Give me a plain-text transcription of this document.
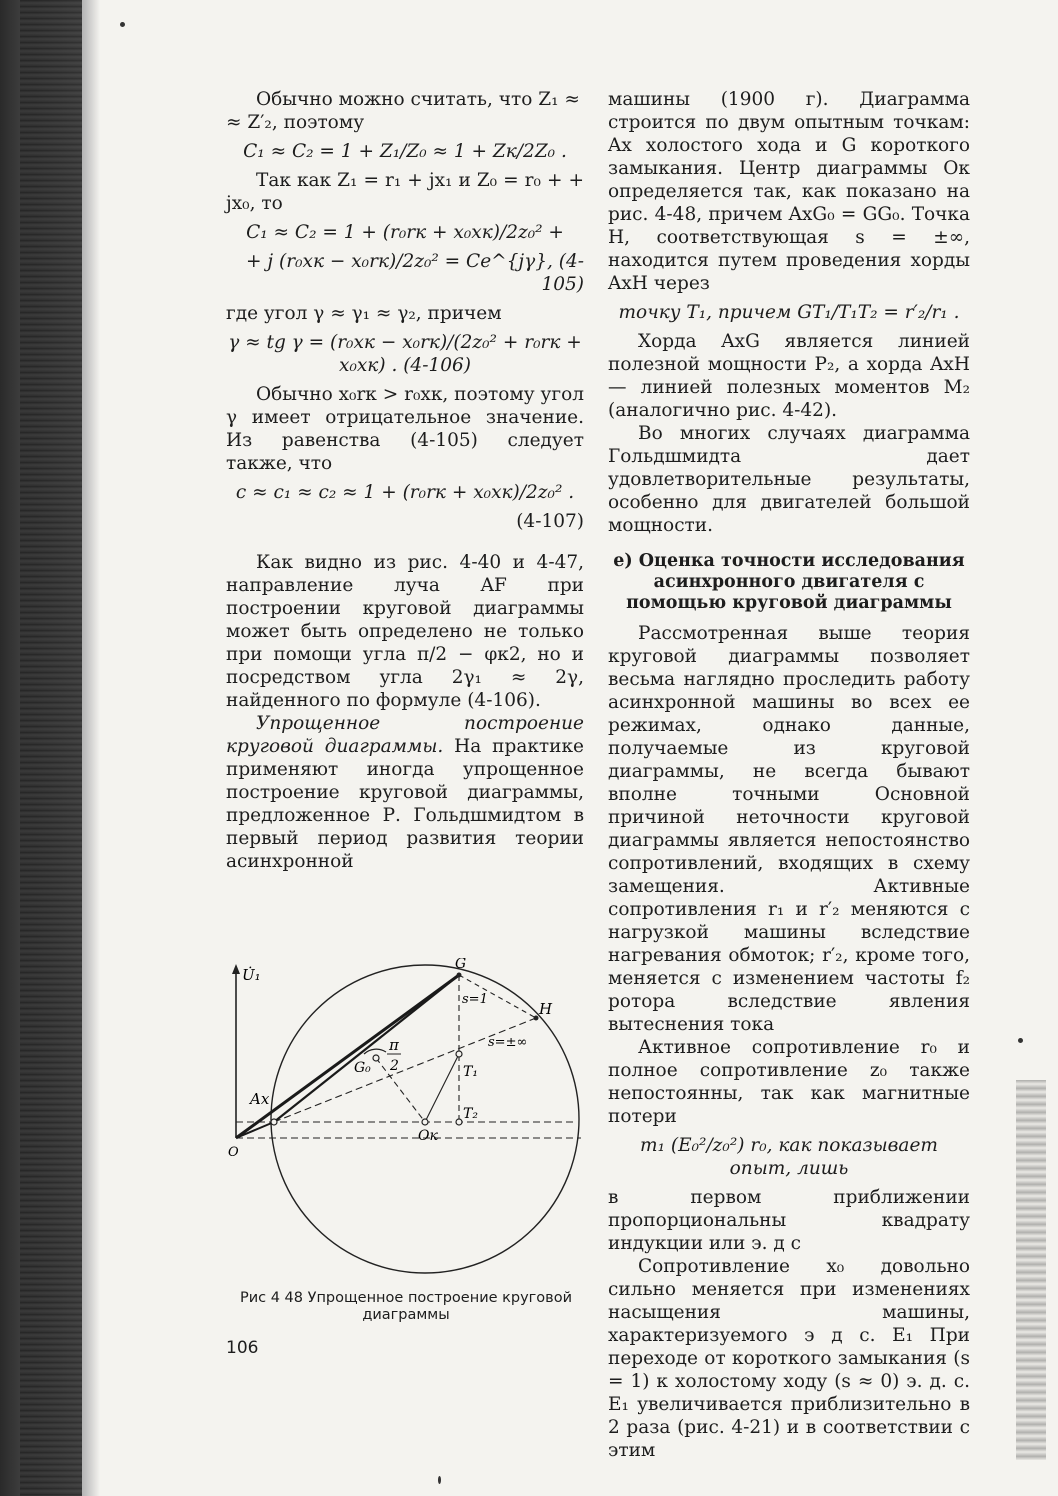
Обычно можно считать, что Z₁ ≈

≈ Z′₂, поэтому

C₁ ≈ C₂ = 1 + Z₁/Z₀ ≈ 1 + Zк/2Z₀ .

Так как Z₁ = r₁ + jx₁ и Z₀ = r₀ + + jx₀, то

C₁ ≈ C₂ = 1 + (r₀rк + x₀xк)/2z₀² +

+ j (r₀xк − x₀rк)/2z₀² = Ce^{jγ}, (4-105)

где угол γ ≈ γ₁ ≈ γ₂, причем

γ ≈ tg γ = (r₀xк − x₀rк)/(2z₀² + r₀rк + x₀xк) . (4-106)

Обычно x₀rк > r₀xк, поэтому угол γ имеет отрицательное значение. Из равенства (4-105) следует также, что

c ≈ c₁ ≈ c₂ ≈ 1 + (r₀rк + x₀xк)/2z₀² .

(4-107)

Как видно из рис. 4-40 и 4-47, направление луча AF при построении круговой диаграммы может быть определено не только при помощи угла π/2 − φк2, но и посредством угла 2γ₁ ≈ 2γ, найденного по формуле (4-106).

Упрощенное построение круговой диаграммы. На практике применяют иногда упрощенное построение круговой диаграммы, предложенное Р. Гольдшмидтом в первый период развития теории асинхронной

машины (1900 г). Диаграмма строится по двум опытным точкам: Aх холостого хода и G короткого замыкания. Центр диаграммы Oк определяется так, как показано на рис. 4-48, причем AхG₀ = GG₀. Точка H, соответствующая s = ±∞, находится путем проведения хорды AхH через

точку T₁, причем GT₁/T₁T₂ = r′₂/r₁ .

Хорда AхG является линией полезной мощности P₂, а хорда AхH — линией полезных моментов M₂ (аналогично рис. 4-42).

Во многих случаях диаграмма Гольдшмидта дает удовлетворительные результаты, особенно для двигателей большой мощности.

е) Оценка точности исследования асинхронного двигателя с помощью круговой диаграммы

Рассмотренная выше теория круговой диаграммы позволяет весьма наглядно проследить работу асинхронной машины во всех ее режимах, однако данные, получаемые из круговой диаграммы, не всегда бывают вполне точными Основной причиной неточности круговой диаграммы является непостоянство сопротивлений, входящих в схему замещения. Активные сопротивления r₁ и r′₂ меняются с нагрузкой машины вследствие нагревания обмоток; r′₂, кроме того, меняется с изменением частоты f₂ ротора вследствие явления вытеснения тока

Активное сопротивление r₀ и полное сопротивление z₀ также непостоянны, так как магнитные потери

m₁ (E₀²/z₀²) r₀, как показывает опыт, лишь

в первом приближении пропорциональны квадрату индукции или э. д с

Сопротивление x₀ довольно сильно меняется при изменениях насыщения машины, характеризуемого э д с. E₁ При переходе от короткого замыкания (s = 1) к холостому ходу (s ≈ 0) э. д. с. E₁ увеличивается приблизительно в 2 раза (рис. 4-21) и в соответствии с этим

U̇₁
O
Aх
G
H
G₀
Oк
T₁
T₂
s=1
s=±∞
π
2
Рис 4 48 Упрощенное построение круговой диаграммы
106
